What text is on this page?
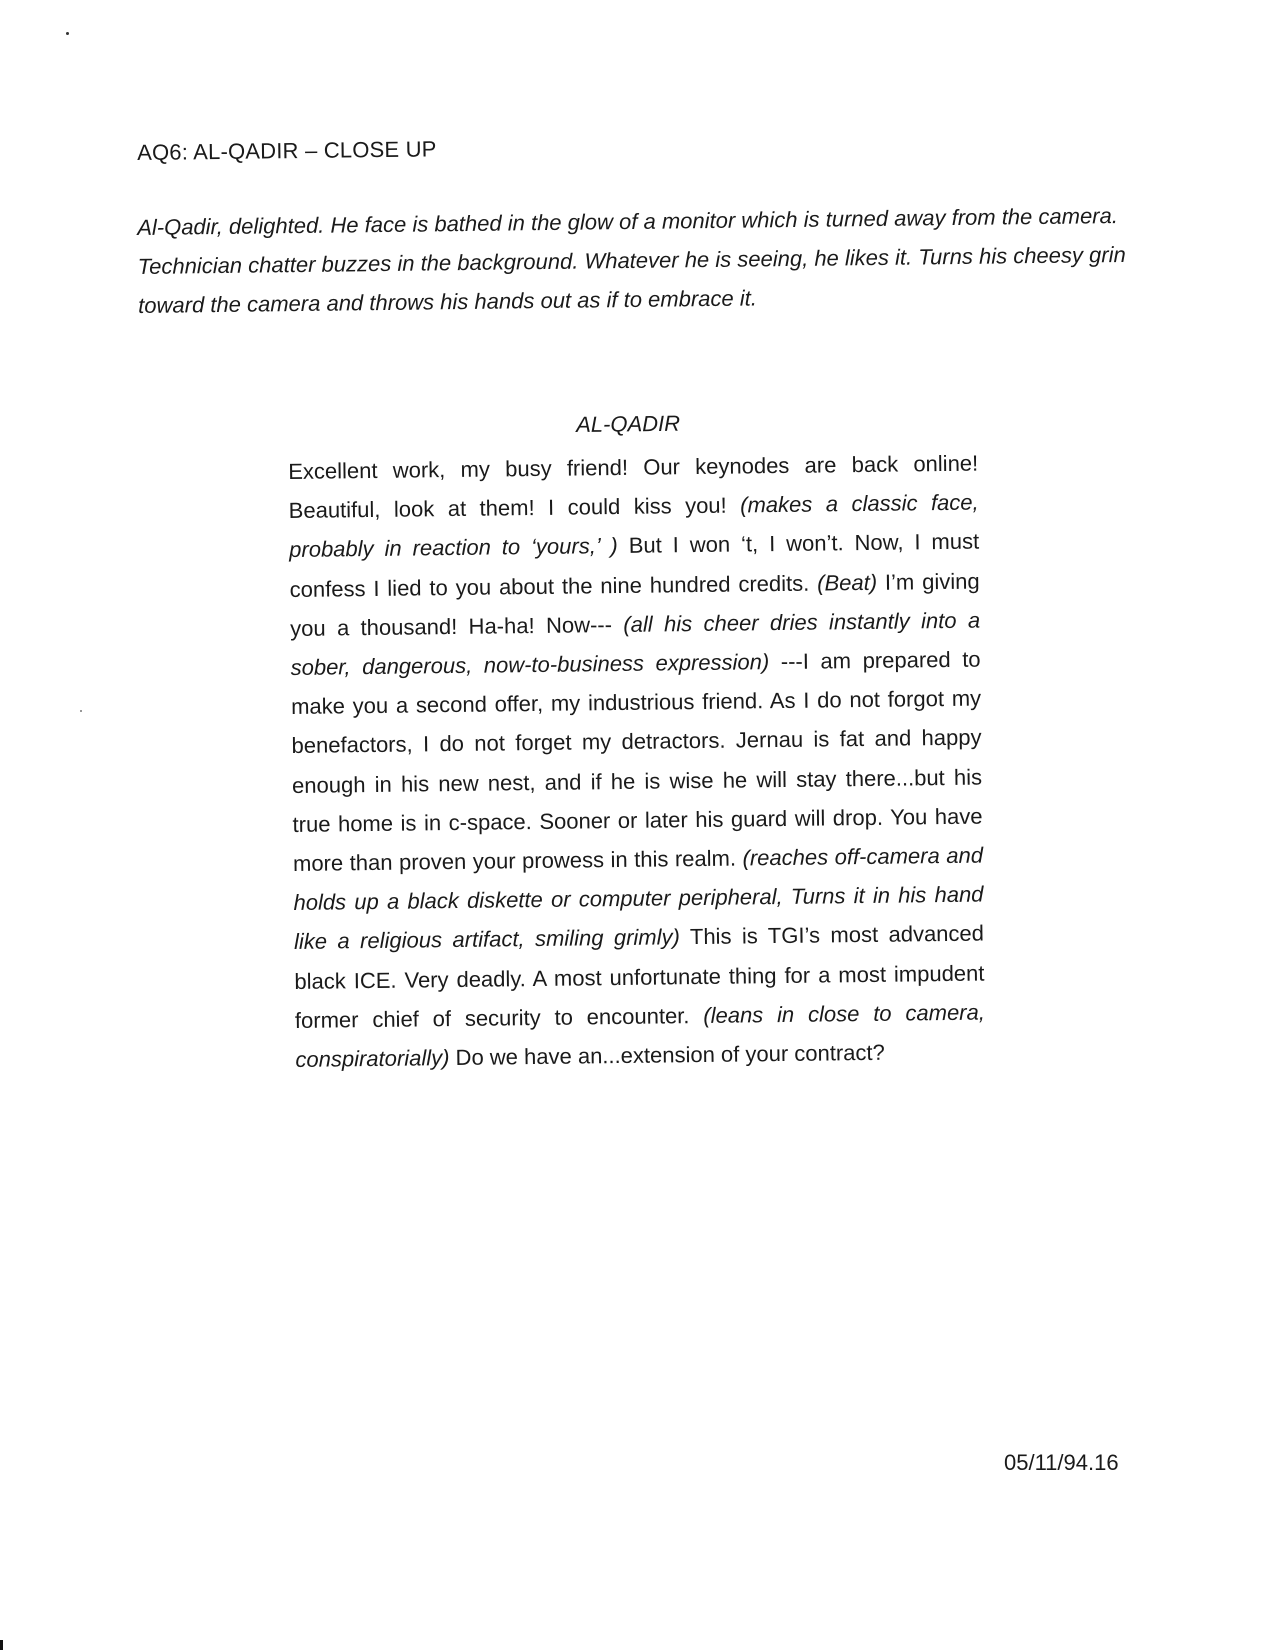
AQ6: AL-QADIR – CLOSE UP

Al-Qadir, delighted. He face is bathed in the glow of a monitor which is turned away from the camera. Technician chatter buzzes in the background. Whatever he is seeing, he likes it. Turns his cheesy grin toward the camera and throws his hands out as if to embrace it.

AL-QADIR

Excellent work, my busy friend! Our keynodes are back online! Beautiful, look at them! I could kiss you! (makes a classic face, probably in reaction to ‘yours,’ ) But I won ‘t, I won’t. Now, I must confess I lied to you about the nine hundred credits. (Beat) I’m giving you a thousand! Ha-ha! Now--- (all his cheer dries instantly into a sober, dangerous, now-to-business expression) ---I am prepared to make you a second offer, my industrious friend. As I do not forgot my benefactors, I do not forget my detractors. Jernau is fat and happy enough in his new nest, and if he is wise he will stay there...but his true home is in c-space. Sooner or later his guard will drop. You have more than proven your prowess in this realm. (reaches off-camera and holds up a black diskette or computer peripheral, Turns it in his hand like a religious artifact, smiling grimly) This is TGI’s most advanced black ICE. Very deadly. A most unfortunate thing for a most impudent former chief of security to encounter. (leans in close to camera, conspiratorially) Do we have an...extension of your contract?

05/11/94.16
